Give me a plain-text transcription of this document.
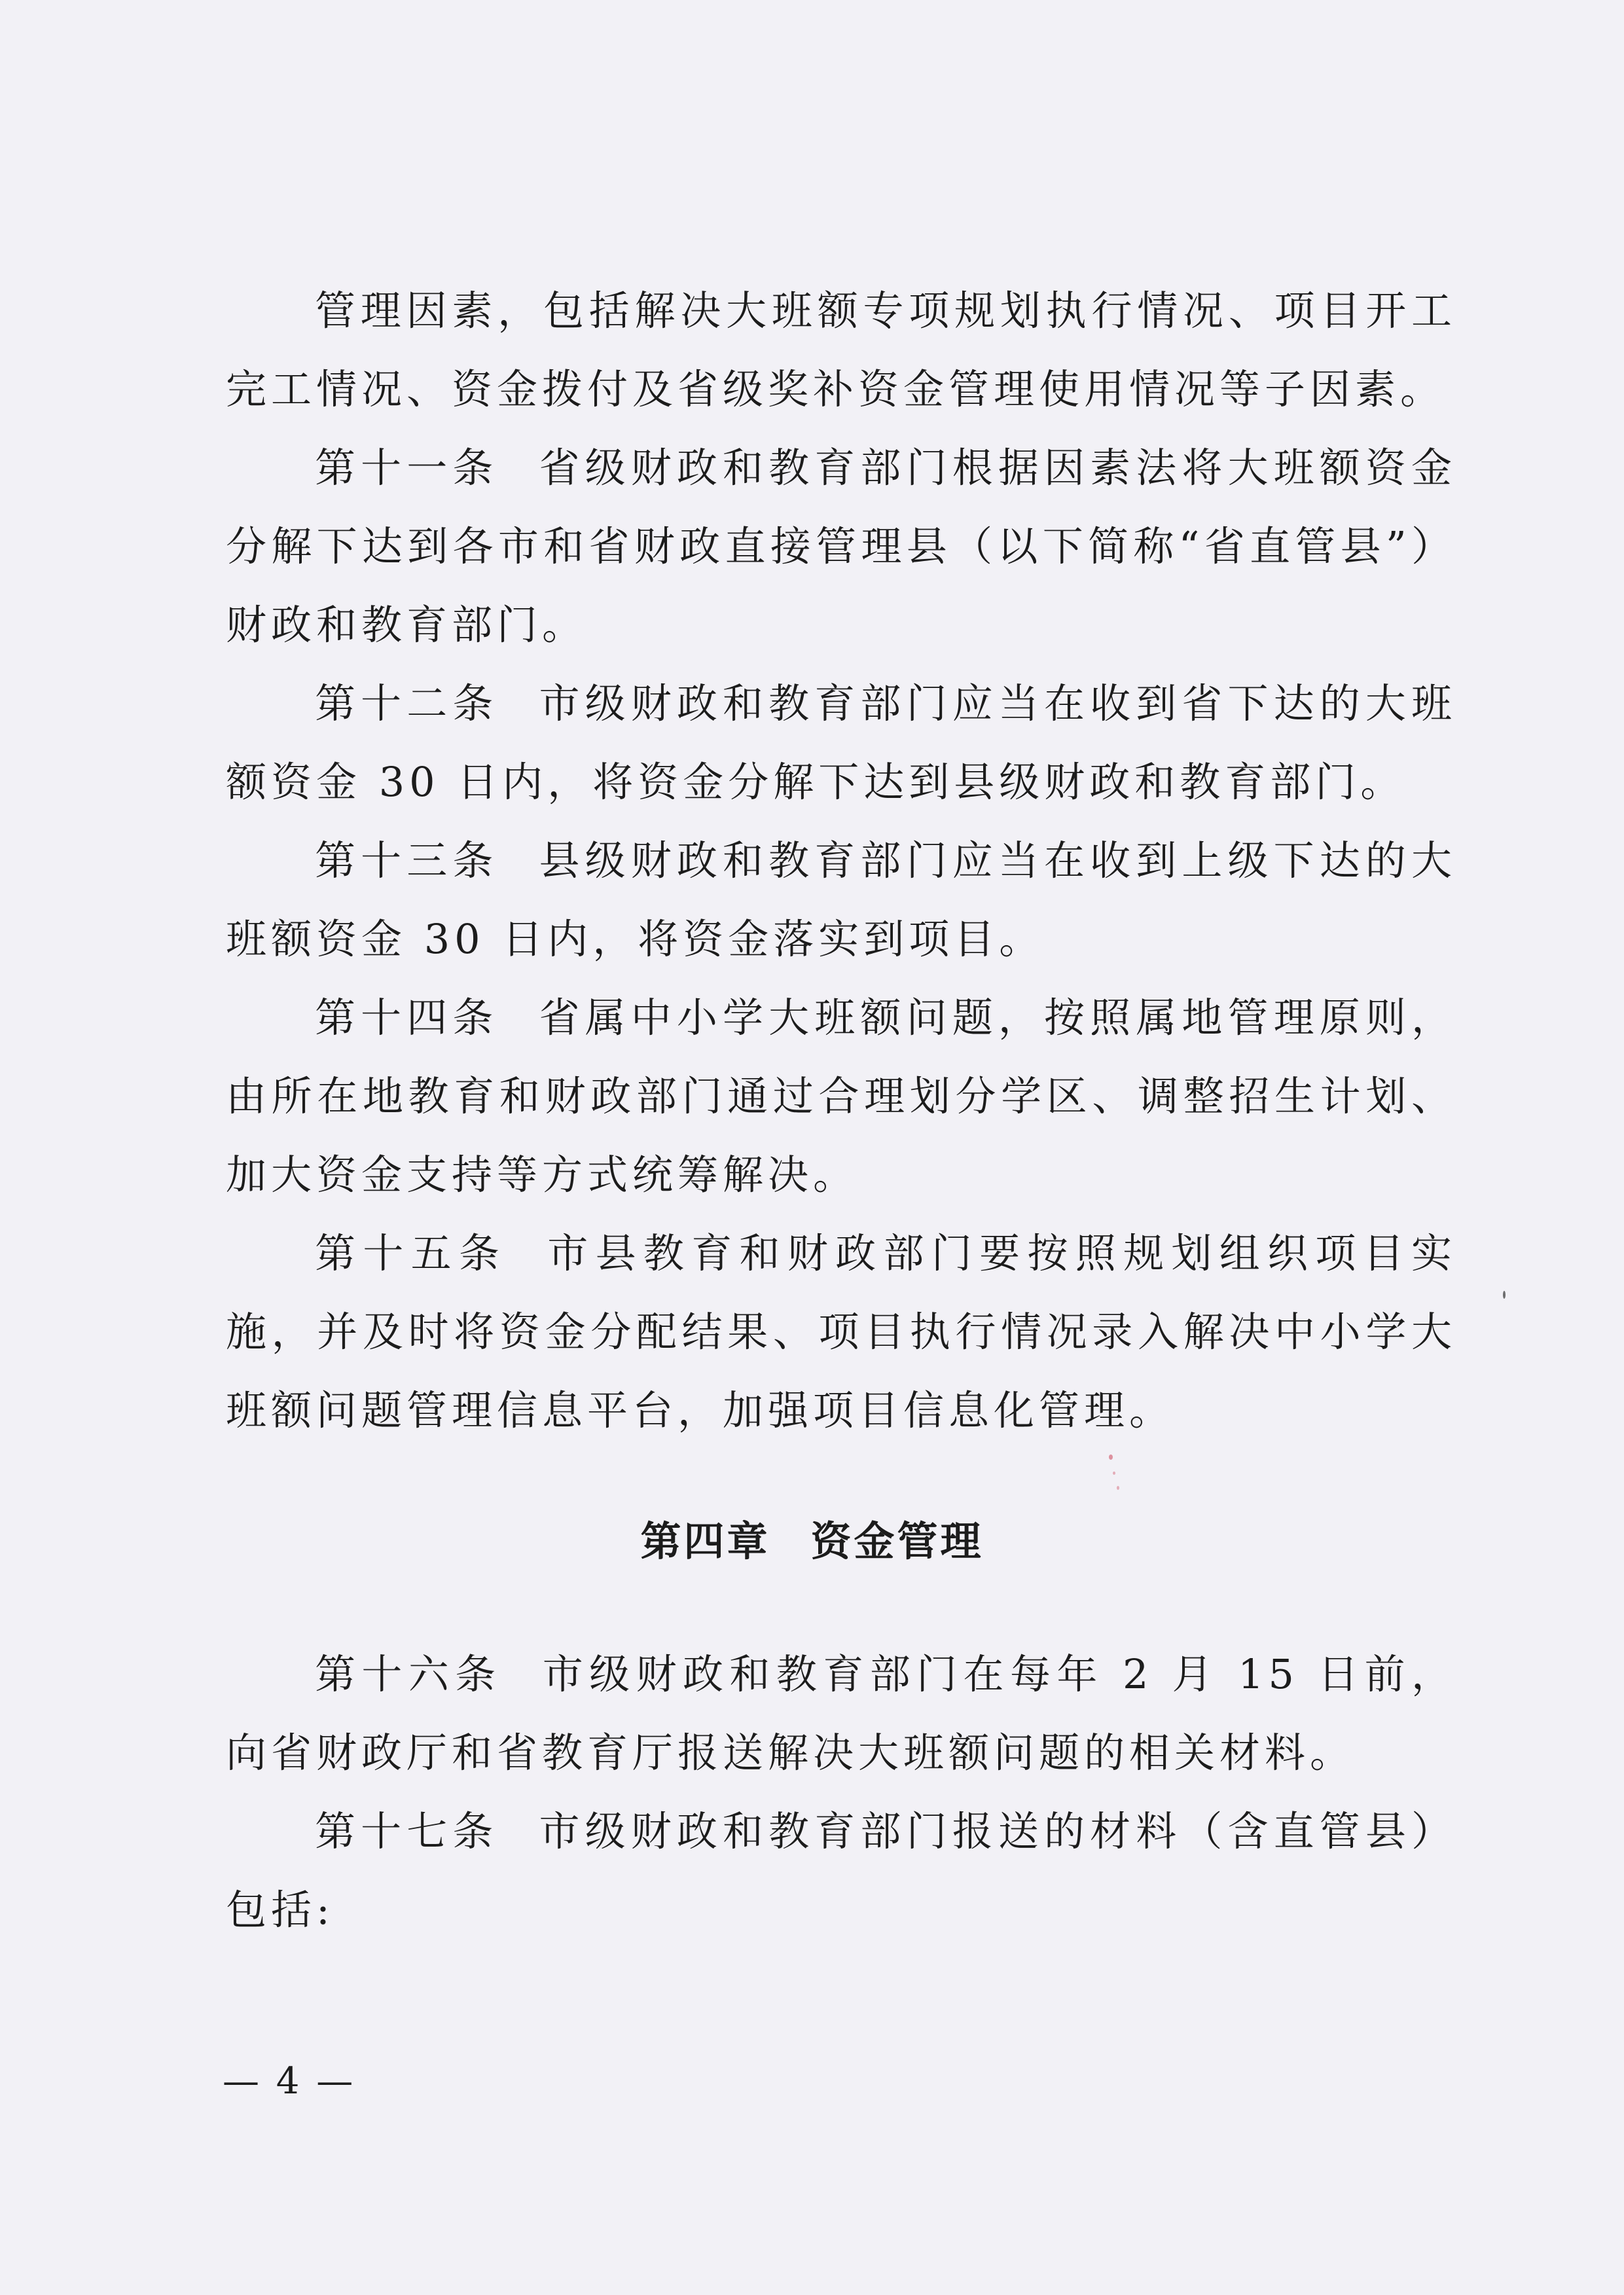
管理因素，包括解决大班额专项规划执行情况、项目开工完工情况、资金拨付及省级奖补资金管理使用情况等子因素。

第十一条 省级财政和教育部门根据因素法将大班额资金分解下达到各市和省财政直接管理县（以下简称“省直管县”）财政和教育部门。

第十二条 市级财政和教育部门应当在收到省下达的大班额资金 30 日内，将资金分解下达到县级财政和教育部门。

第十三条 县级财政和教育部门应当在收到上级下达的大班额资金 30 日内，将资金落实到项目。

第十四条 省属中小学大班额问题，按照属地管理原则，由所在地教育和财政部门通过合理划分学区、调整招生计划、加大资金支持等方式统筹解决。

第十五条 市县教育和财政部门要按照规划组织项目实施，并及时将资金分配结果、项目执行情况录入解决中小学大班额问题管理信息平台，加强项目信息化管理。

第四章 资金管理

第十六条 市级财政和教育部门在每年 2 月 15 日前，向省财政厅和省教育厅报送解决大班额问题的相关材料。

第十七条 市级财政和教育部门报送的材料（含直管县）包括:

— 4 —
